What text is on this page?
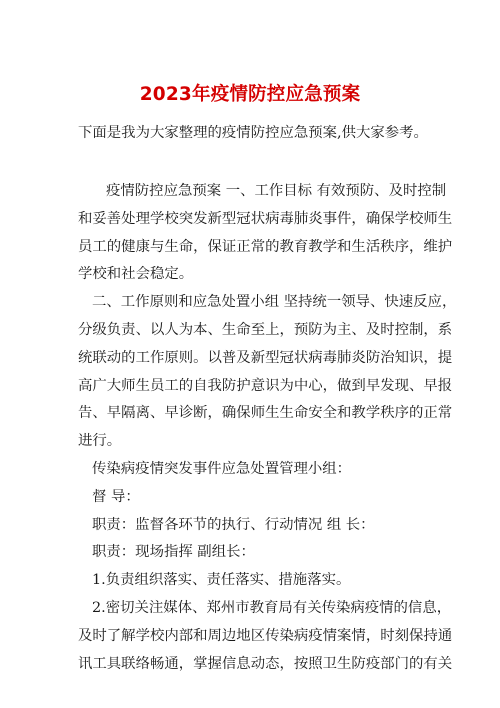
2023年疫情防控应急预案
下面是我为大家整理的疫情防控应急预案,供大家参考。
疫情防控应急预案 一、工作目标 有效预防、及时控制
和妥善处理学校突发新型冠状病毒肺炎事件，确保学校师生
员工的健康与生命，保证正常的教育教学和生活秩序，维护
学校和社会稳定。
二、工作原则和应急处置小组 坚持统一领导、快速反应，
分级负责、以人为本、生命至上，预防为主、及时控制，系
统联动的工作原则。以普及新型冠状病毒肺炎防治知识，提
高广大师生员工的自我防护意识为中心，做到早发现、早报
告、早隔离、早诊断，确保师生生命安全和教学秩序的正常
进行。
传染病疫情突发事件应急处置管理小组：
督 导：
职责：监督各环节的执行、行动情况 组 长：
职责：现场指挥 副组长：
1.负责组织落实、责任落实、措施落实。
2.密切关注媒体、郑州市教育局有关传染病疫情的信息，
及时了解学校内部和周边地区传染病疫情案情，时刻保持通
讯工具联络畅通，掌握信息动态，按照卫生防疫部门的有关
